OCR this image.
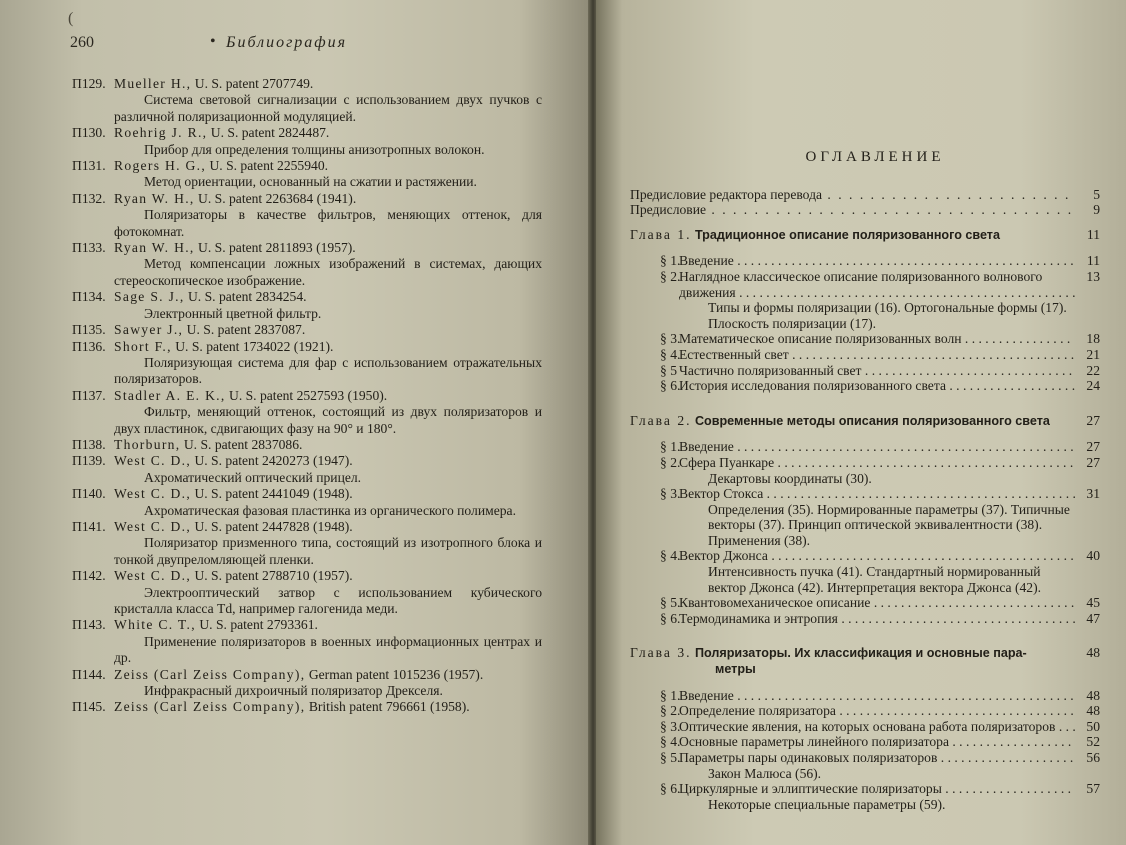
(
260	• Библиография
П129. Mueller H., U. S. patent 2707749.
Система световой сигнализации с использованием двух пучков с различной поляризационной модуляцией.
П130. Roehrig J. R., U. S. patent 2824487.
Прибор для определения толщины анизотропных волокон.
П131. Rogers H. G., U. S. patent 2255940.
Метод ориентации, основанный на сжатии и растяжении.
П132. Ryan W. H., U. S. patent 2263684 (1941).
Поляризаторы в качестве фильтров, меняющих оттенок, для фотокомнат.
П133. Ryan W. H., U. S. patent 2811893 (1957).
Метод компенсации ложных изображений в системах, дающих стереоскопическое изображение.
П134. Sage S. J., U. S. patent 2834254.
Электронный цветной фильтр.
П135. Sawyer J., U. S. patent 2837087.
П136. Short F., U. S. patent 1734022 (1921).
Поляризующая система для фар с использованием отражательных поляризаторов.
П137. Stadler A. E. K., U. S. patent 2527593 (1950).
Фильтр, меняющий оттенок, состоящий из двух поляризаторов и двух пластинок, сдвигающих фазу на 90° и 180°.
П138. Thorburn, U. S. patent 2837086.
П139. West C. D., U. S. patent 2420273 (1947).
Ахроматический оптический прицел.
П140. West C. D., U. S. patent 2441049 (1948).
Ахроматическая фазовая пластинка из органического полимера.
П141. West C. D., U. S. patent 2447828 (1948).
Поляризатор призменного типа, состоящий из изотропного блока и тонкой двупреломляющей пленки.
П142. West C. D., U. S. patent 2788710 (1957).
Электрооптический затвор с использованием кубического кристалла класса Td, например галогенида меди.
П143. White C. T., U. S. patent 2793361.
Применение поляризаторов в военных информационных центрах и др.
П144. Zeiss (Carl Zeiss Company), German patent 1015236 (1957).
Инфракрасный дихроичный поляризатор Дрекселя.
П145. Zeiss (Carl Zeiss Company), British patent 796661 (1958).
ОГЛАВЛЕНИЕ
Предисловие редактора перевода . . . . . . . . . . . . . . . . . . . . . . . 5
Предисловие . . . . . . . . . . . . . . . . . . . . . . . . . . . . . . . . . . 9
Глава 1. Традиционное описание поляризованного света	11
§ 1.
Введение . . . . . . . . . . . . . . . . . . . . . . . . . . . . . . . . . . . . . . . . . . . . . . . . . . 11
§ 2.
Наглядное классическое описание поляризованного волнового движения . . . . . . . . . . . . . . . . . . . . . . . . . . . . . . . . . . . . . . . . . . . . . . . . . .
13
Типы и формы поляризации (16). Ортогональные формы (17). Плоскость поляризации (17).
§ 3.
Математическое описание поляризованных волн . . . . . . . . . . . . . . . . 18
§ 4.
Естественный свет . . . . . . . . . . . . . . . . . . . . . . . . . . . . . . . . . . . . . . . . . . 21
§ 5 Частично поляризованный свет . . . . . . . . . . . . . . . . . . . . . . . . . . . . . . . 22
§ 6.
История исследования поляризованного света . . . . . . . . . . . . . . . . . . . 24
Глава 2. Современные методы описания поляризованного света	27
§ 1.
Введение . . . . . . . . . . . . . . . . . . . . . . . . . . . . . . . . . . . . . . . . . . . . . . . . . . 27
§ 2.
Сфера Пуанкаре . . . . . . . . . . . . . . . . . . . . . . . . . . . . . . . . . . . . . . . . . . . . 27
Декартовы координаты (30).
§ 3.
Вектор Стокса . . . . . . . . . . . . . . . . . . . . . . . . . . . . . . . . . . . . . . . . . . . . . . 31
Определения (35). Нормированные параметры (37). Типичные векторы (37). Принцип оптической эквивалентности (38). Применения (38).
§ 4.
Вектор Джонса . . . . . . . . . . . . . . . . . . . . . . . . . . . . . . . . . . . . . . . . . . . . . 40
Интенсивность пучка (41). Стандартный нормированный вектор Джонса (42). Интерпретация вектора Джонса (42).
§ 5.
Квантовомеханическое описание . . . . . . . . . . . . . . . . . . . . . . . . . . . . . . 45
§ 6.
Термодинамика и энтропия . . . . . . . . . . . . . . . . . . . . . . . . . . . . . . . . . . . 47
Глава 3. Поляризаторы. Их классификация и основные пара-	48
метры
§ 1.
Введение . . . . . . . . . . . . . . . . . . . . . . . . . . . . . . . . . . . . . . . . . . . . . . . . . . 48
§ 2.
Определение поляризатора . . . . . . . . . . . . . . . . . . . . . . . . . . . . . . . . . . . 48
§ 3.
Оптические явления, на которых основана работа поляризаторов . . . 50
§ 4.
Основные параметры линейного поляризатора . . . . . . . . . . . . . . . . . . 52
§ 5.
Параметры пары одинаковых поляризаторов . . . . . . . . . . . . . . . . . . . . 56
Закон Малюса (56).
§ 6.
Циркулярные и эллиптические поляризаторы . . . . . . . . . . . . . . . . . . . 57
Некоторые специальные параметры (59).
